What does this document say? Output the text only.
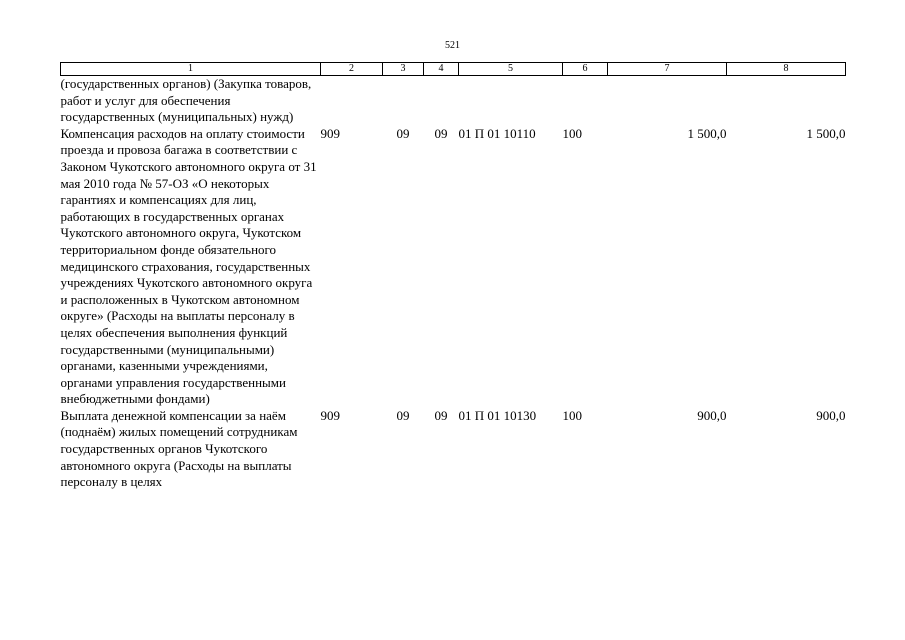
521
1	2	3	4	5	6	7	8
(государственных органов) (Закупка товаров, работ и услуг для обеспечения государственных (муниципальных) нужд)							
Компенсация расходов на оплату стоимости проезда и провоза багажа в соответствии с Законом Чукотского автономного округа от 31 мая 2010 года № 57-ОЗ «О некоторых гарантиях и компенсациях для лиц, работающих в государственных органах Чукотского автономного округа, Чукотском территориальном фонде обязательного медицинского страхования, государственных учреждениях Чукотского автономного округа и расположенных в Чукотском автономном округе» (Расходы на выплаты персоналу в целях обеспечения выполнения функций государственными (муниципальными) органами, казенными учреждениями, органами управления государственными внебюджетными фондами)	909	09	09	01 П 01 10110	100	1 500,0	1 500,0
Выплата денежной компенсации за наём (поднаём) жилых помещений сотрудникам государственных органов Чукотского автономного округа (Расходы на выплаты персоналу в целях	909	09	09	01 П 01 10130	100	900,0	900,0
